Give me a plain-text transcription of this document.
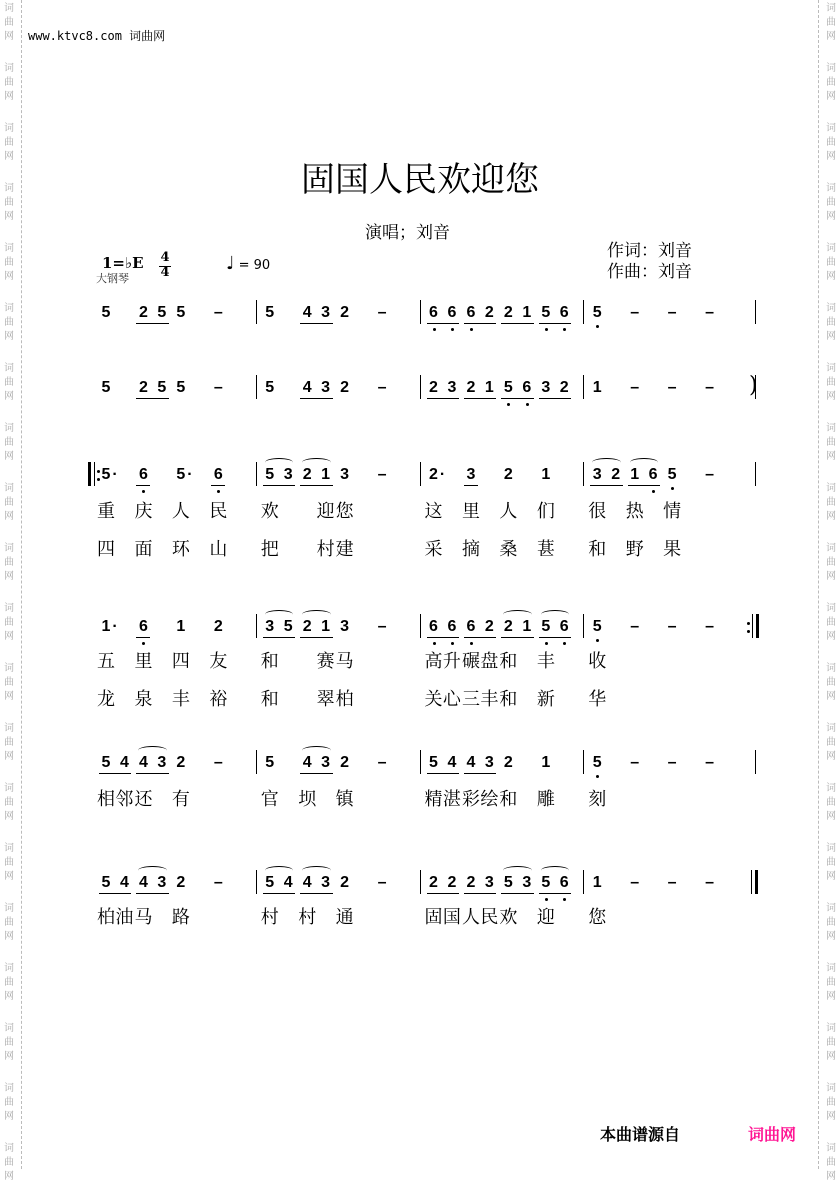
词
曲
网
词
曲
网
词
曲
网
词
曲
网
词
曲
网
词
曲
网
词
曲
网
词
曲
网
词
曲
网
词
曲
网
词
曲
网
词
曲
网
词
曲
网
词
曲
网
词
曲
网
词
曲
网
词
曲
网
词
曲
网
词
曲
网
词
曲
网
词
曲
网
词
曲
网
词
曲
网
词
曲
网
词
曲
网
词
曲
网
词
曲
网
词
曲
网
词
曲
网
词
曲
网
词
曲
网
词
曲
网
词
曲
网
词
曲
网
词
曲
网
词
曲
网
词
曲
网
词
曲
网
词
曲
网
词
曲
网
www.ktvc8.com 词曲网
固国人民欢迎您
演唱；刘音
作词：刘音
作曲：刘音
1=♭E
大钢琴
4
4	♩ = 90
5 2 5 5 –	5 4 3 2 –	6 6 6 2 2 1 5 6 5 – – –
5 2 5 5 –	5 4 3 2 –	2 3 2 1 5 6 3 2 1 – – – )
5 ·
重
四
6
庆
面
5 ·
人
环
6
民
山
5
欢
把
3 2 1
迎
村
3
您
建
–	2 ·
这
采
3
里
摘
2
人
桑
1
们
葚
3
很
和
2 1
热
野
6 5
情
果
–
1 ·
五
龙
6
里
泉
1
四
丰
2
友
裕
3
和
和
5 2 1
赛
翠
3
马
柏
–	6
高
关
6
升
心
6
碾
三
2
盘
丰
2
和
和
1 5
丰
新
6 5
收
华
– – –
5
相
4
邻
4
还
3 2
有
–	5
官
4
坝
3 2
镇
–	5
精
4
湛
4
彩
3
绘
2
和
1
雕
5
刻
– – –
5
柏
4
油
4
马
3 2
路
–	5
村
4 4
村
3 2
通
–	2
固
2
国
2
人
3
民
5
欢
3 5
迎
6 1
您
– – –
本曲谱源自	词曲网
